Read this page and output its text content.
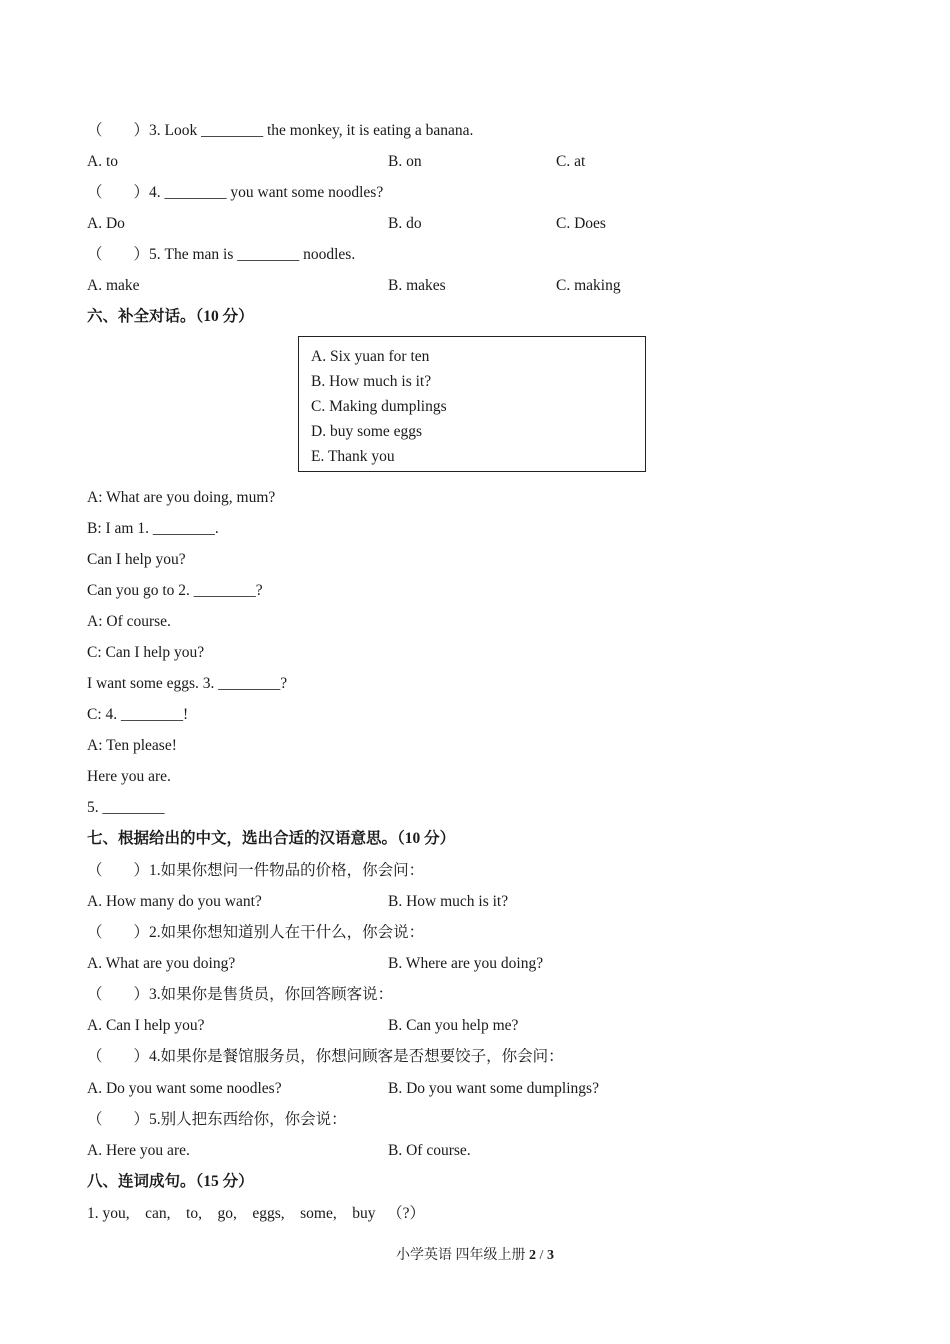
（　　）3. Look ________ the monkey, it is eating a banana.
A. to	B. on	C. at
（　　）4. ________ you want some noodles?
A. Do	B. do	C. Does
（　　）5. The man is ________ noodles.
A. make	B. makes	C. making
六、补全对话。（10 分）
A. Six yuan for ten
B. How much is it?
C. Making dumplings
D. buy some eggs
E. Thank you
A: What are you doing, mum?
B: I am 1. ________.
Can I help you?
Can you go to 2. ________?
A: Of course.
C: Can I help you?
I want some eggs. 3. ________?
C: 4. ________!
A: Ten please!
Here you are.
5. ________
七、根据给出的中文，选出合适的汉语意思。（10 分）
（　　）1.如果你想问一件物品的价格，你会问：
A. How many do you want?	B. How much is it?
（　　）2.如果你想知道别人在干什么，你会说：
A. What are you doing?	B. Where are you doing?
（　　）3.如果你是售货员，你回答顾客说：
A. Can I help you?	B. Can you help me?
（　　）4.如果你是餐馆服务员，你想问顾客是否想要饺子，你会问：
A. Do you want some noodles?	B. Do you want some dumplings?
（　　）5.别人把东西给你，你会说：
A. Here you are.	B. Of course.
八、连词成句。（15 分）
1. you,    can,    to,    go,    eggs,    some,    buy   （?）
小学英语 四年级上册 2 / 3
